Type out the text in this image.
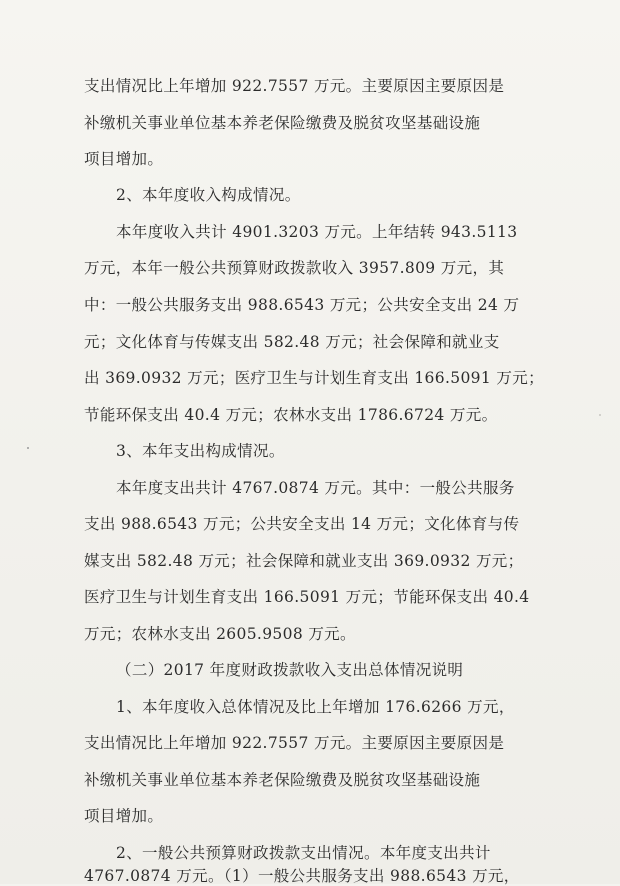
支出情况比上年增加 922.7557 万元。主要原因主要原因是
补缴机关事业单位基本养老保险缴费及脱贫攻坚基础设施
项目增加。
2、本年度收入构成情况。
本年度收入共计 4901.3203 万元。上年结转 943.5113
万元，本年一般公共预算财政拨款收入 3957.809 万元，其
中：一般公共服务支出 988.6543 万元；公共安全支出 24 万
元；文化体育与传媒支出 582.48 万元；社会保障和就业支
出 369.0932 万元；医疗卫生与计划生育支出 166.5091 万元；
节能环保支出 40.4 万元；农林水支出 1786.6724 万元。
3、本年支出构成情况。
本年度支出共计 4767.0874 万元。其中：一般公共服务
支出 988.6543 万元；公共安全支出 14 万元；文化体育与传
媒支出 582.48 万元；社会保障和就业支出 369.0932 万元；
医疗卫生与计划生育支出 166.5091 万元；节能环保支出 40.4
万元；农林水支出 2605.9508 万元。
（二）2017 年度财政拨款收入支出总体情况说明
1、本年度收入总体情况及比上年增加 176.6266 万元，
支出情况比上年增加 922.7557 万元。主要原因主要原因是
补缴机关事业单位基本养老保险缴费及脱贫攻坚基础设施
项目增加。
2、一般公共预算财政拨款支出情况。本年度支出共计
4767.0874 万元。（1）一般公共服务支出 988.6543 万元，
